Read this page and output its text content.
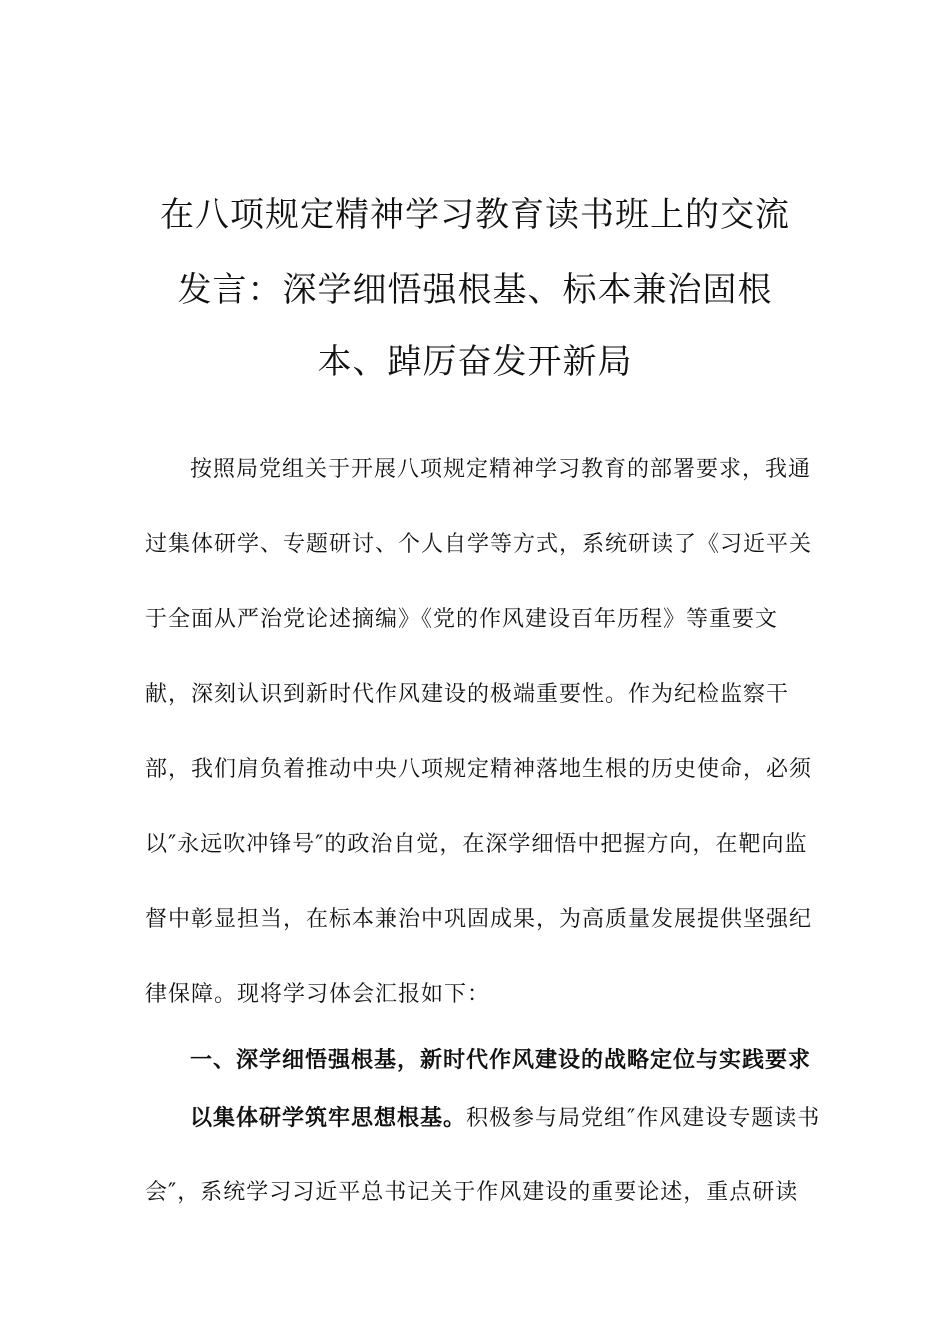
在八项规定精神学习教育读书班上的交流
发言：深学细悟强根基、标本兼治固根
本、踔厉奋发开新局
按照局党组关于开展八项规定精神学习教育的部署要求，我通
过集体研学、专题研讨、个人自学等方式，系统研读了《习近平关
于全面从严治党论述摘编》《党的作风建设百年历程》等重要文
献，深刻认识到新时代作风建设的极端重要性。作为纪检监察干
部，我们肩负着推动中央八项规定精神落地生根的历史使命，必须
以″永远吹冲锋号″的政治自觉，在深学细悟中把握方向，在靶向监
督中彰显担当，在标本兼治中巩固成果，为高质量发展提供坚强纪
律保障。现将学习体会汇报如下：
一、深学细悟强根基，新时代作风建设的战略定位与实践要求
以集体研学筑牢思想根基。积极参与局党组″作风建设专题读书
会″，系统学习习近平总书记关于作风建设的重要论述，重点研读
